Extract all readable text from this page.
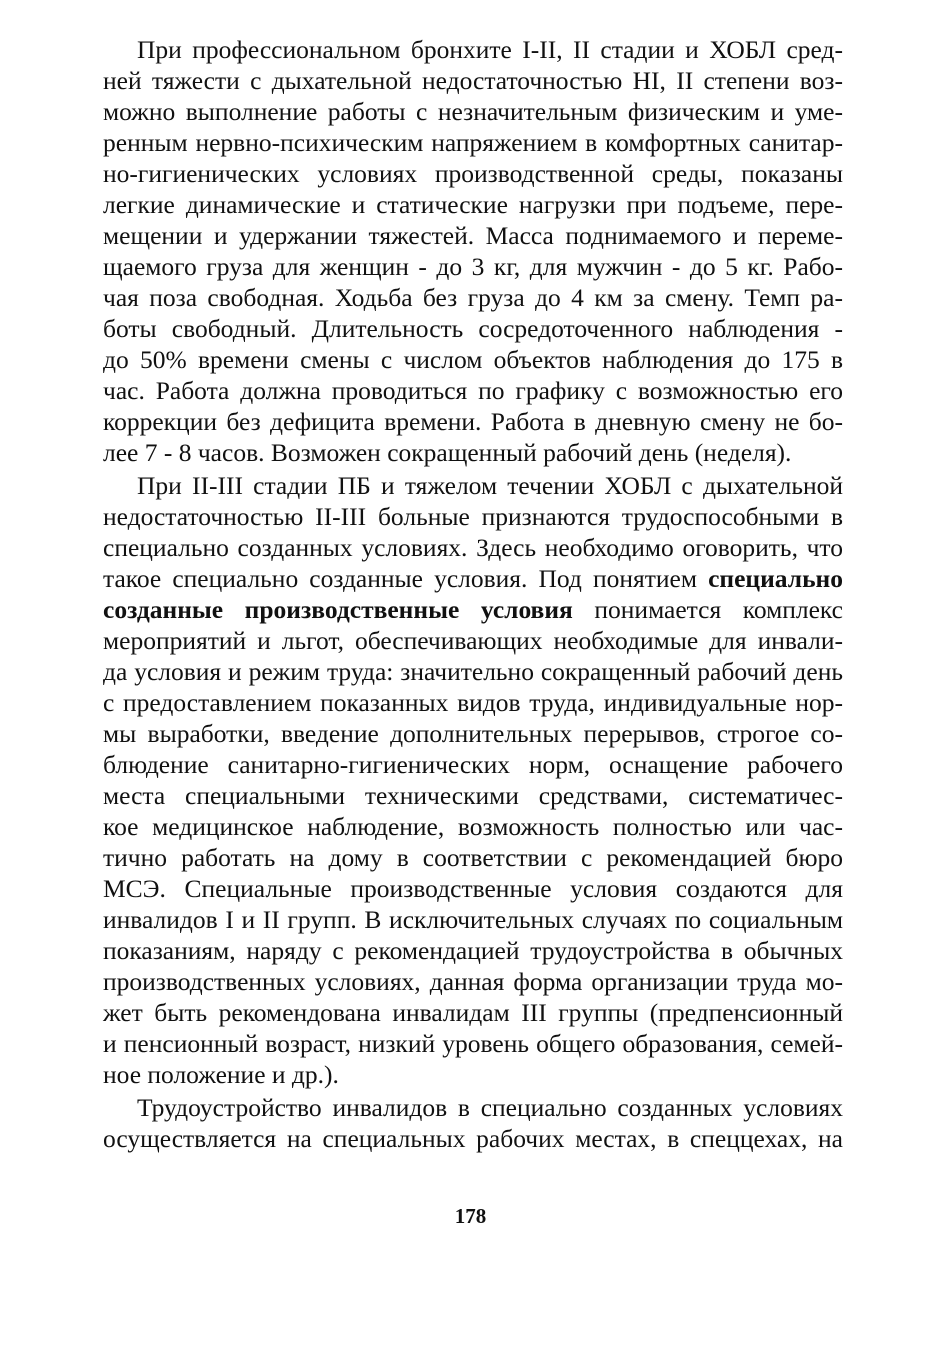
При профессиональном бронхите I-II, II стадии и ХОБЛ сред-
ней тяжести с дыхательной недостаточностью HI, II степени воз-
можно выполнение работы с незначительным физическим и уме-
ренным нервно-психическим напряжением в комфортных санитар-
но-гигиенических условиях производственной среды, показаны
легкие динамические и статические нагрузки при подъеме, пере-
мещении и удержании тяжестей. Масса поднимаемого и переме-
щаемого груза для женщин - до 3 кг, для мужчин - до 5 кг. Рабо-
чая поза свободная. Ходьба без груза до 4 км за смену. Темп ра-
боты свободный. Длительность сосредоточенного наблюдения -
до 50% времени смены с числом объектов наблюдения до 175 в
час. Работа должна проводиться по графику с возможностью его
коррекции без дефицита времени. Работа в дневную смену не бо-
лее 7 - 8 часов. Возможен сокращенный рабочий день (неделя).
При II-III стадии ПБ и тяжелом течении ХОБЛ с дыхательной
недостаточностью II-III больные признаются трудоспособными в
специально созданных условиях. Здесь необходимо оговорить, что
такое специально созданные условия. Под понятием специально
созданные производственные условия понимается комплекс
мероприятий и льгот, обеспечивающих необходимые для инвали-
да условия и режим труда: значительно сокращенный рабочий день
с предоставлением показанных видов труда, индивидуальные нор-
мы выработки, введение дополнительных перерывов, строгое со-
блюдение санитарно-гигиенических норм, оснащение рабочего
места специальными техническими средствами, систематичес-
кое медицинское наблюдение, возможность полностью или час-
тично работать на дому в соответствии с рекомендацией бюро
МСЭ. Специальные производственные условия создаются для
инвалидов I и II групп. В исключительных случаях по социальным
показаниям, наряду с рекомендацией трудоустройства в обычных
производственных условиях, данная форма организации труда мо-
жет быть рекомендована инвалидам III группы (предпенсионный
и пенсионный возраст, низкий уровень общего образования, семей-
ное положение и др.).
Трудоустройство инвалидов в специально созданных условиях
осуществляется на специальных рабочих местах, в спеццехах, на
178
